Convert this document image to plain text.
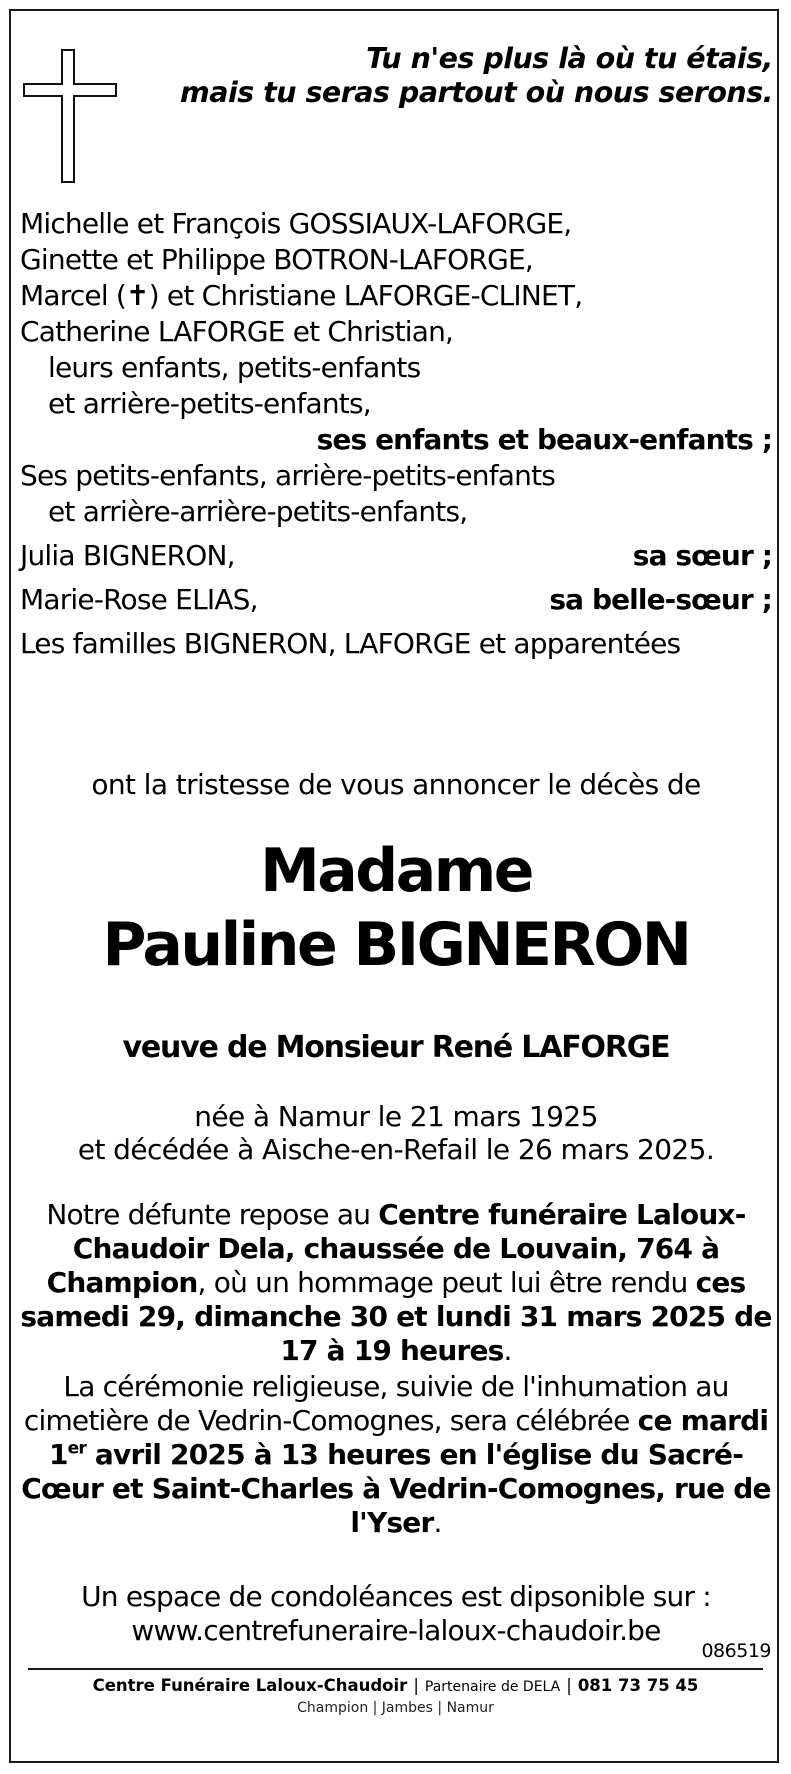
Tu n'es plus là où tu étais,
mais tu seras partout où nous serons.
Michelle et François GOSSIAUX-LAFORGE,
Ginette et Philippe BOTRON-LAFORGE,
Marcel (✝) et Christiane LAFORGE-CLINET,
Catherine LAFORGE et Christian,
leurs enfants, petits-enfants
et arrière-petits-enfants,
ses enfants et beaux-enfants ;
Ses petits-enfants, arrière-petits-enfants
et arrière-arrière-petits-enfants,
Julia BIGNERON,	sa sœur ;
Marie-Rose ELIAS,	sa belle-sœur ;
Les familles BIGNERON, LAFORGE et apparentées
ont la tristesse de vous annoncer le décès de
Madame
Pauline BIGNERON
veuve de Monsieur René LAFORGE
née à Namur le 21 mars 1925
et décédée à Aische-en-Refail le 26 mars 2025.
Notre défunte repose au Centre funéraire Laloux-Chaudoir Dela, chaussée de Louvain, 764 à Champion, où un hommage peut lui être rendu ces samedi 29, dimanche 30 et lundi 31 mars 2025 de 17 à 19 heures.
La cérémonie religieuse, suivie de l'inhumation au cimetière de Vedrin-Comognes, sera célébrée ce mardi 1er avril 2025 à 13 heures en l'église du Sacré-Cœur et Saint-Charles à Vedrin-Comognes, rue de l'Yser.
Un espace de condoléances est dipsonible sur :
www.centrefuneraire-laloux-chaudoir.be
086519
Centre Funéraire Laloux-Chaudoir | Partenaire de DELA | 081 73 75 45
Champion | Jambes | Namur
